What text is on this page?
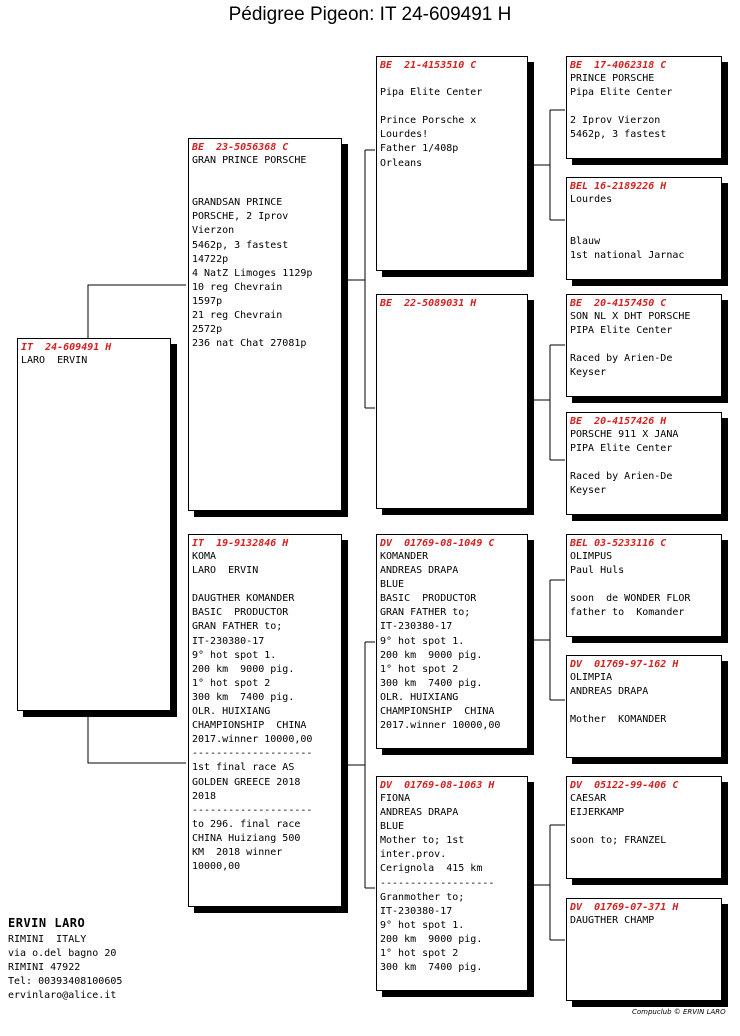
Pédigree Pigeon: IT 24-609491 H
IT  24-609491 H
LARO  ERVIN
BE  23-5056368 C
GRAN PRINCE PORSCHE

GRANDSAN PRINCE
PORSCHE, 2 Iprov
Vierzon
5462p, 3 fastest
14722p
4 NatZ Limoges 1129p
10 reg Chevrain
1597p
21 reg Chevrain
2572p
236 nat Chat 27081p
IT  19-9132846 H
KOMA
LARO  ERVIN

DAUGTHER KOMANDER
BASIC  PRODUCTOR
GRAN FATHER to;
IT-230380-17
9° hot spot 1.
200 km  9000 pig.
1° hot spot 2
300 km  7400 pig.
OLR. HUIXIANG
CHAMPIONSHIP  CHINA
2017.winner 10000,00
--------------------
1st final race AS
GOLDEN GREECE 2018
2018
--------------------
to 296. final race
CHINA Huiziang 500
KM  2018 winner
10000,00
BE  21-4153510 C

Pipa Elite Center

Prince Porsche x
Lourdes!
Father 1/408p
Orleans
BE  22-5089031 H
DV  01769-08-1049 C
KOMANDER
ANDREAS DRAPA
BLUE
BASIC  PRODUCTOR
GRAN FATHER to;
IT-230380-17
9° hot spot 1.
200 km  9000 pig.
1° hot spot 2
300 km  7400 pig.
OLR. HUIXIANG
CHAMPIONSHIP  CHINA
2017.winner 10000,00
DV  01769-08-1063 H
FIONA
ANDREAS DRAPA
BLUE
Mother to; 1st
inter.prov.
Cerignola  415 km
-------------------
Granmother to;
IT-230380-17
9° hot spot 1.
200 km  9000 pig.
1° hot spot 2
300 km  7400 pig.
BE  17-4062318 C
PRINCE PORSCHE
Pipa Elite Center

2 Iprov Vierzon
5462p, 3 fastest
BEL 16-2189226 H
Lourdes

Blauw
1st national Jarnac
BE  20-4157450 C
SON NL X DHT PORSCHE
PIPA Elite Center

Raced by Arien-De
Keyser
BE  20-4157426 H
PORSCHE 911 X JANA
PIPA Elite Center

Raced by Arien-De
Keyser
BEL 03-5233116 C
OLIMPUS
Paul Huls

soon  de WONDER FLOR
father to  Komander
DV  01769-97-162 H
OLIMPIA
ANDREAS DRAPA

Mother  KOMANDER
DV  05122-99-406 C
CAESAR
EIJERKAMP

soon to; FRANZEL
DV  01769-07-371 H
DAUGTHER CHAMP
ERVIN LARO
RIMINI  ITALY
via o.del bagno 20
RIMINI 47922
Tel: 00393408100605
ervinlaro@alice.it
Compuclub © ERVIN LARO
